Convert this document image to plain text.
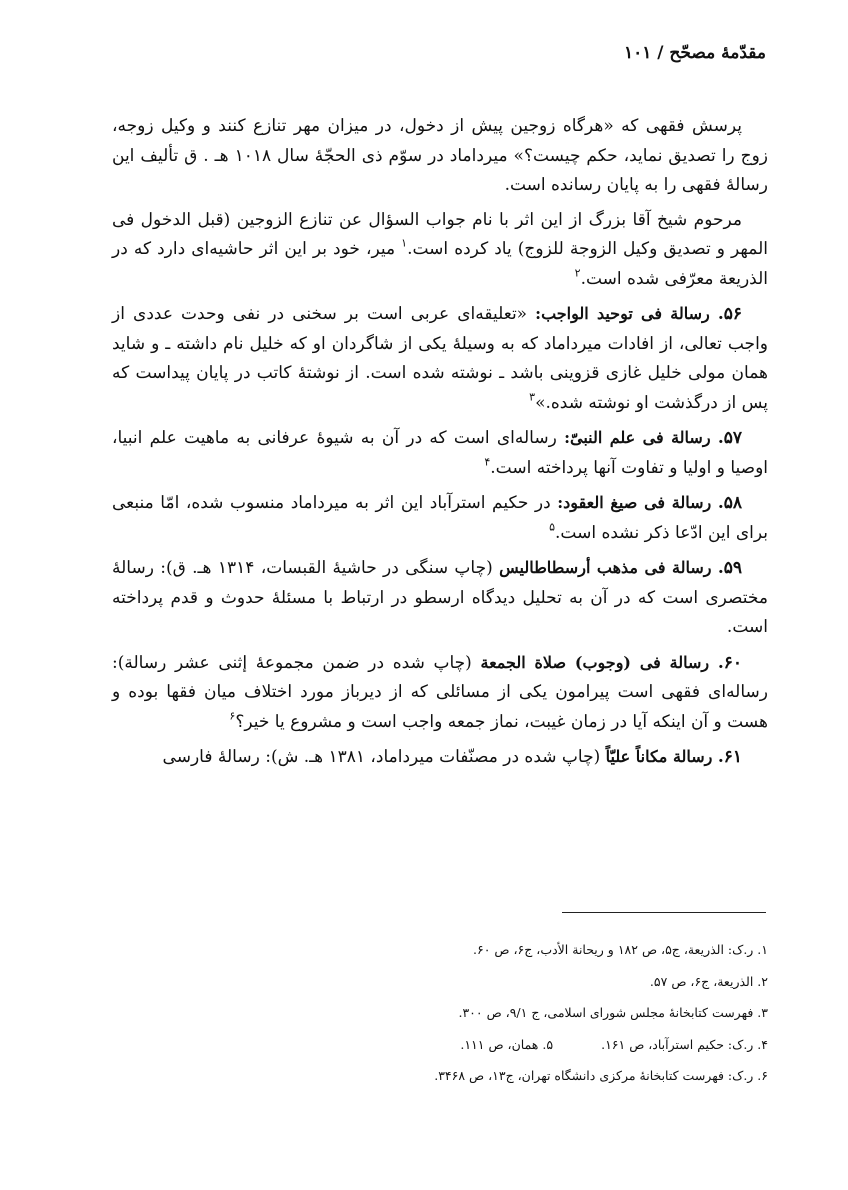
مقدّمهٔ مصحّح / ۱۰۱

پرسش فقهی که «هرگاه زوجین پیش از دخول، در میزان مهر تنازع کنند و وکیل زوجه، زوج را تصدیق نماید، حکم چیست؟» میرداماد در سوّم ذی الحجّهٔ سال ۱۰۱۸ هـ . ق تألیف این رسالهٔ فقهی را به پایان رسانده است.

مرحوم شیخ آقا بزرگ از این اثر با نام جواب السؤال عن تنازع الزوجین (قبل الدخول فی المهر و تصدیق وکیل الزوجة للزوج) یاد کرده است.$^۱$ میر، خود بر این اثر حاشیه‌ای دارد که در الذریعة معرّفی شده است.$^۲$

۵۶. رسالة فی توحید الواجب: «تعلیقه‌ای عربی است بر سخنی در نفی وحدت عددی از واجب تعالی، از افادات میرداماد که به وسیلهٔ یکی از شاگردان او که خلیل نام داشته ـ و شاید همان مولی خلیل غازی قزوینی باشد ـ نوشته شده است. از نوشتهٔ کاتب در پایان پیداست که پس از درگذشت او نوشته شده.»$^۳$

۵۷. رسالة فی علم النبیّ: رساله‌ای است که در آن به شیوهٔ عرفانی به ماهیت علم انبیا، اوصیا و اولیا و تفاوت آنها پرداخته است.$^۴$

۵۸. رسالة فی صیغ العقود: در حکیم استرآباد این اثر به میرداماد منسوب شده، امّا منبعی برای این ادّعا ذکر نشده است.$^۵$

۵۹. رسالة فی مذهب أرسطاطالیس (چاپ سنگی در حاشیهٔ القبسات، ۱۳۱۴ هـ. ق): رسالهٔ مختصری است که در آن به تحلیل دیدگاه ارسطو در ارتباط با مسئلهٔ حدوث و قدم پرداخته است.

۶۰. رسالة فی (وجوب) صلاة الجمعة (چاپ شده در ضمن مجموعهٔ إثنی عشر رسالة): رساله‌ای فقهی است پیرامون یکی از مسائلی که از دیرباز مورد اختلاف میان فقها بوده و هست و آن اینکه آیا در زمان غیبت، نماز جمعه واجب است و مشروع یا خیر؟$^۶$

۶۱. رسالة مکاناً علیّاً (چاپ شده در مصنّفات میرداماد، ۱۳۸۱ هـ. ش): رسالهٔ فارسی

۱. ر.ک: الذریعة، ج۵، ص ۱۸۲ و ریحانة الأدب، ج۶، ص ۶۰.
۲. الذریعة، ج۶، ص ۵۷.
۳. فهرست کتابخانهٔ مجلس شورای اسلامی، ج ۹/۱، ص ۳۰۰.
۴. ر.ک: حکیم استرآباد، ص ۱۶۱.
۵. همان، ص ۱۱۱.
۶. ر.ک: فهرست کتابخانهٔ مرکزی دانشگاه تهران، ج۱۳، ص ۳۴۶۸.
